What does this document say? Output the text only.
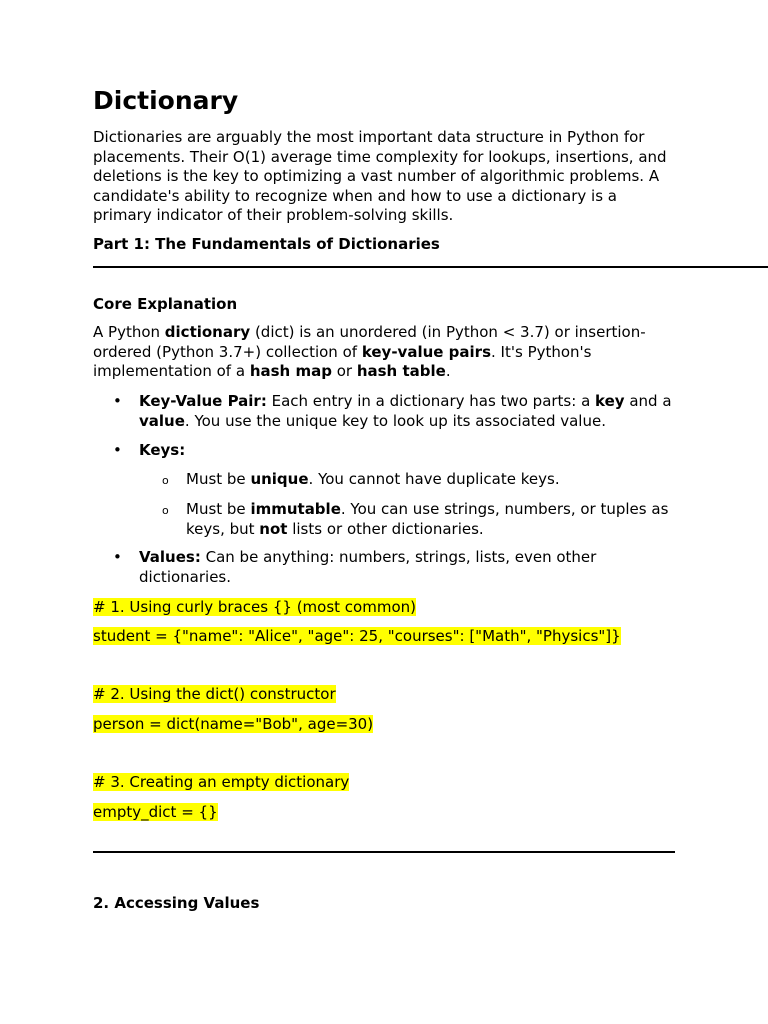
Dictionary

Dictionaries are arguably the most important data structure in Python for placements. Their O(1) average time complexity for lookups, insertions, and deletions is the key to optimizing a vast number of algorithmic problems. A candidate's ability to recognize when and how to use a dictionary is a primary indicator of their problem-solving skills.

Part 1: The Fundamentals of Dictionaries

Core Explanation

A Python dictionary (dict) is an unordered (in Python < 3.7) or insertion-ordered (Python 3.7+) collection of key-value pairs. It's Python's implementation of a hash map or hash table.

• Key-Value Pair: Each entry in a dictionary has two parts: a key and a value. You use the unique key to look up its associated value.
• Keys:
o Must be unique. You cannot have duplicate keys.
o Must be immutable. You can use strings, numbers, or tuples as keys, but not lists or other dictionaries.
• Values: Can be anything: numbers, strings, lists, even other dictionaries.

# 1. Using curly braces {} (most common)

student = {"name": "Alice", "age": 25, "courses": ["Math", "Physics"]}

# 2. Using the dict() constructor

person = dict(name="Bob", age=30)

# 3. Creating an empty dictionary

empty_dict = {}

2. Accessing Values
